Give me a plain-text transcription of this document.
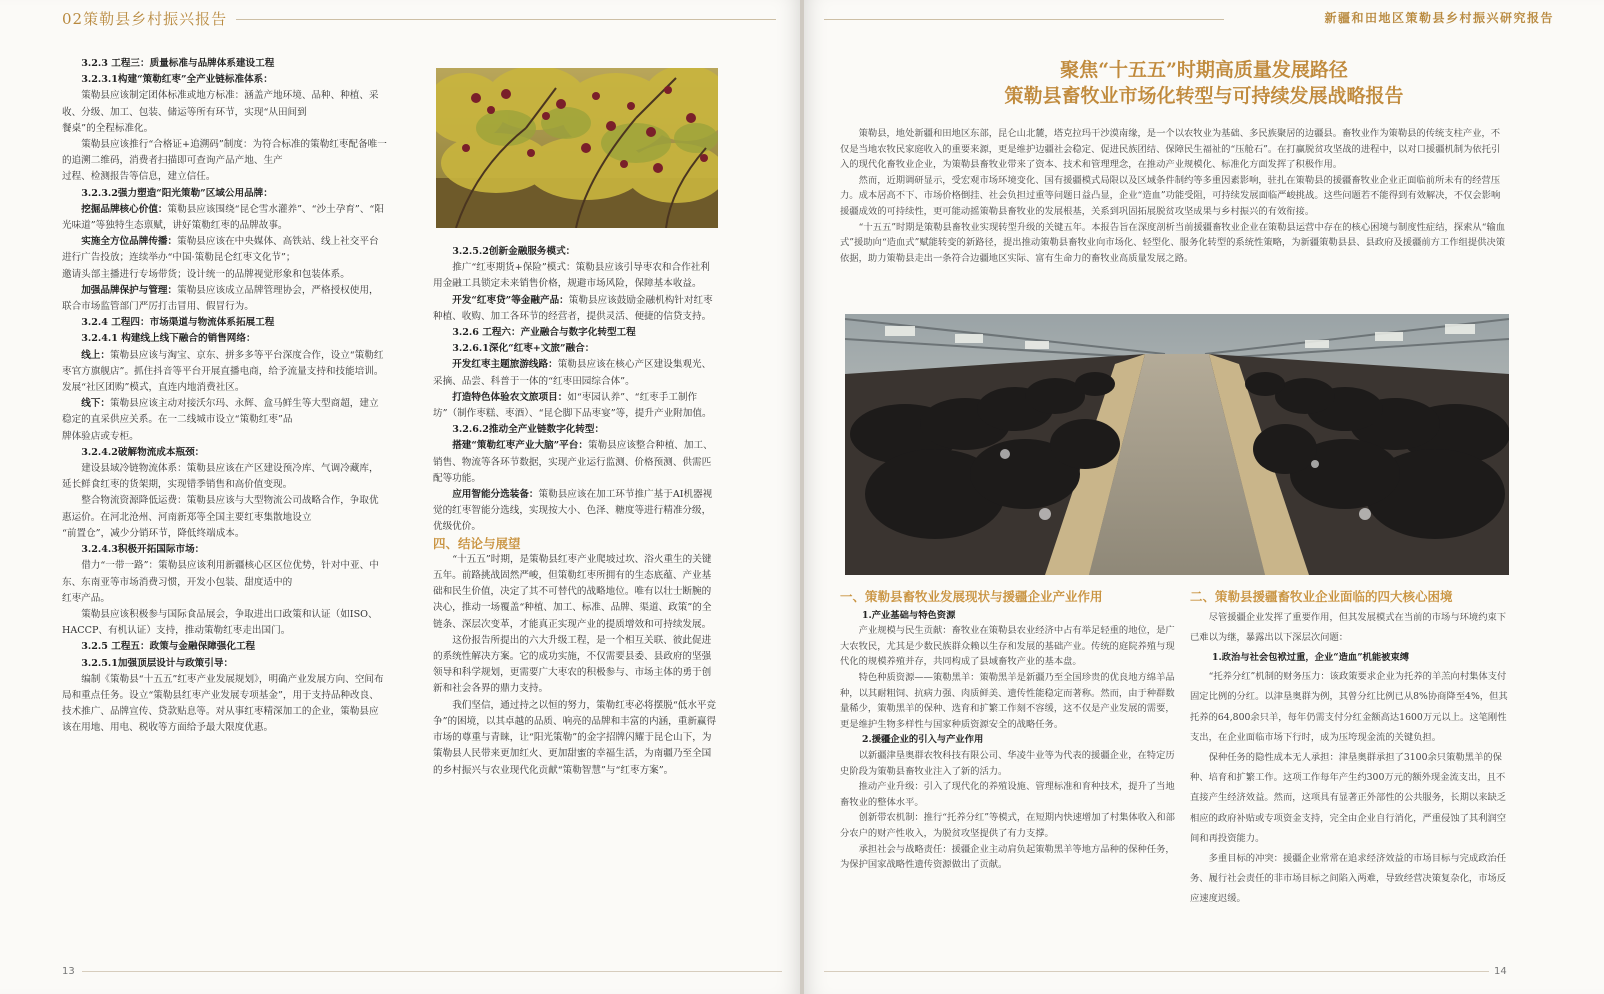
02策勒县乡村振兴报告

3.2.3 工程三：质量标准与品牌体系建设工程

3.2.3.1构建“策勒红枣”全产业链标准体系：

策勒县应该制定团体标准或地方标准：涵盖产地环境、品种、种植、采收、分级、加工、包装、储运等所有环节，实现“从田间到

餐桌”的全程标准化。

策勒县应该推行“合格证+追溯码”制度：为符合标准的策勒红枣配备唯一的追溯二维码，消费者扫描即可查询产品产地、生产

过程、检测报告等信息，建立信任。

3.2.3.2强力塑造“阳光策勒”区域公用品牌：

挖掘品牌核心价值：策勒县应该围绕“昆仑雪水灌养”、“沙土孕育”、“阳光味道”等独特生态禀赋，讲好策勒红枣的品牌故事。

实施全方位品牌传播：策勒县应该在中央媒体、高铁站、线上社交平台进行广告投放；连续举办“中国·策勒昆仑红枣文化节”；

邀请头部主播进行专场带货；设计统一的品牌视觉形象和包装体系。

加强品牌保护与管理：策勒县应该成立品牌管理协会，严格授权使用，联合市场监管部门严厉打击冒用、假冒行为。

3.2.4 工程四：市场渠道与物流体系拓展工程

3.2.4.1 构建线上线下融合的销售网络：

线上：策勒县应该与淘宝、京东、拼多多等平台深度合作，设立“策勒红枣官方旗舰店”。抓住抖音等平台开展直播电商，给予流量支持和技能培训。发展“社区团购”模式，直连内地消费社区。

线下：策勒县应该主动对接沃尔玛、永辉、盒马鲜生等大型商超，建立稳定的直采供应关系。在一二线城市设立“策勒红枣”品

牌体验店或专柜。

3.2.4.2破解物流成本瓶颈：

建设县域冷链物流体系：策勒县应该在产区建设预冷库、气调冷藏库，延长鲜食红枣的货架期，实现错季销售和高价值变现。

整合物流资源降低运费：策勒县应该与大型物流公司战略合作，争取优惠运价。在河北沧州、河南新郑等全国主要红枣集散地设立

“前置仓”，减少分销环节，降低终端成本。

3.2.4.3积极开拓国际市场：

借力“一带一路”：策勒县应该利用新疆核心区区位优势，针对中亚、中东、东南亚等市场消费习惯，开发小包装、甜度适中的

红枣产品。

策勒县应该积极参与国际食品展会，争取进出口政策和认证（如ISO、HACCP、有机认证）支持，推动策勒红枣走出国门。

3.2.5 工程五：政策与金融保障强化工程

3.2.5.1加强顶层设计与政策引导：

编制《策勒县“十五五”红枣产业发展规划》，明确产业发展方向、空间布局和重点任务。设立“策勒县红枣产业发展专项基金”，用于支持品种改良、技术推广、品牌宣传、贷款贴息等。对从事红枣精深加工的企业，策勒县应该在用地、用电、税收等方面给予最大限度优惠。

3.2.5.2创新金融服务模式：

推广“红枣期货+保险”模式：策勒县应该引导枣农和合作社利用金融工具锁定未来销售价格，规避市场风险，保障基本收益。

开发“红枣贷”等金融产品：策勒县应该鼓励金融机构针对红枣种植、收购、加工各环节的经营者，提供灵活、便捷的信贷支持。

3.2.6 工程六：产业融合与数字化转型工程

3.2.6.1深化“红枣+文旅”融合：

开发红枣主题旅游线路：策勒县应该在核心产区建设集观光、采摘、品尝、科普于一体的“红枣田园综合体”。

打造特色体验农文旅项目：如“枣园认养”、“红枣手工制作坊”（制作枣糕、枣酒）、“昆仑脚下品枣宴”等，提升产业附加值。

3.2.6.2推动全产业链数字化转型：

搭建“策勒红枣产业大脑”平台：策勒县应该整合种植、加工、销售、物流等各环节数据，实现产业运行监测、价格预测、供需匹配等功能。

应用智能分选装备：策勒县应该在加工环节推广基于AI机器视觉的红枣智能分选线，实现按大小、色泽、糖度等进行精准分级，优级优价。

四、结论与展望

“十五五”时期，是策勒县红枣产业爬坡过坎、浴火重生的关键五年。前路挑战固然严峻，但策勒红枣所拥有的生态底蕴、产业基础和民生价值，决定了其不可替代的战略地位。唯有以壮士断腕的决心，推动一场覆盖“种植、加工、标准、品牌、渠道、政策”的全链条、深层次变革，才能真正实现产业的提质增效和可持续发展。

这份报告所提出的六大升级工程，是一个相互关联、彼此促进的系统性解决方案。它的成功实施，不仅需要县委、县政府的坚强领导和科学规划，更需要广大枣农的积极参与、市场主体的勇于创新和社会各界的鼎力支持。

我们坚信，通过持之以恒的努力，策勒红枣必将摆脱“低水平竞争”的困境，以其卓越的品质、响亮的品牌和丰富的内涵，重新赢得市场的尊重与青睐，让“阳光策勒”的金字招牌闪耀于昆仑山下，为策勒县人民带来更加红火、更加甜蜜的幸福生活，为南疆乃至全国的乡村振兴与农业现代化贡献“策勒智慧”与“红枣方案”。

13
新疆和田地区策勒县乡村振兴研究报告
聚焦“十五五”时期高质量发展路径
策勒县畜牧业市场化转型与可持续发展战略报告

策勒县，地处新疆和田地区东部，昆仑山北麓，塔克拉玛干沙漠南缘，是一个以农牧业为基础、多民族聚居的边疆县。畜牧业作为策勒县的传统支柱产业，不仅是当地农牧民家庭收入的重要来源，更是维护边疆社会稳定、促进民族团结、保障民生福祉的“压舱石”。在打赢脱贫攻坚战的进程中，以对口援疆机制为依托引入的现代化畜牧业企业，为策勒县畜牧业带来了资本、技术和管理理念，在推动产业规模化、标准化方面发挥了积极作用。

然而，近期调研显示，受宏观市场环境变化、国有援疆模式局限以及区域条件制约等多重因素影响，驻扎在策勒县的援疆畜牧业企业正面临前所未有的经营压力。成本居高不下、市场价格倒挂、社会负担过重等问题日益凸显，企业“造血”功能受阻，可持续发展面临严峻挑战。这些问题若不能得到有效解决，不仅会影响援疆成效的可持续性，更可能动摇策勒县畜牧业的发展根基，关系到巩固拓展脱贫攻坚成果与乡村振兴的有效衔接。

“十五五”时期是策勒县畜牧业实现转型升级的关键五年。本报告旨在深度剖析当前援疆畜牧业企业在策勒县运营中存在的核心困境与制度性症结，探索从“输血式”援助向“造血式”赋能转变的新路径，提出推动策勒县畜牧业向市场化、轻型化、服务化转型的系统性策略，为新疆策勒县县、县政府及援疆前方工作组提供决策依据，助力策勒县走出一条符合边疆地区实际、富有生命力的畜牧业高质量发展之路。

一、策勒县畜牧业发展现状与援疆企业产业作用
1.产业基础与特色资源

产业规模与民生贡献：畜牧业在策勒县农业经济中占有举足轻重的地位，是广大农牧民，尤其是少数民族群众赖以生存和发展的基础产业。传统的庭院养殖与现代化的规模养殖并存，共同构成了县域畜牧产业的基本盘。

特色种质资源——策勒黑羊：策勒黑羊是新疆乃至全国珍贵的优良地方绵羊品种，以其耐粗饲、抗病力强、肉质鲜美、遗传性能稳定而著称。然而，由于种群数量稀少，策勒黑羊的保种、选育和扩繁工作刻不容缓，这不仅是产业发展的需要，更是维护生物多样性与国家种质资源安全的战略任务。

2.援疆企业的引入与产业作用

以新疆津垦奥群农牧科技有限公司、华凌牛业等为代表的援疆企业，在特定历史阶段为策勒县畜牧业注入了新的活力。

推动产业升级：引入了现代化的养殖设施、管理标准和育种技术，提升了当地畜牧业的整体水平。

创新带农机制：推行“托养分红”等模式，在短期内快速增加了村集体收入和部分农户的财产性收入，为脱贫攻坚提供了有力支撑。

承担社会与战略责任：援疆企业主动肩负起策勒黑羊等地方品种的保种任务，为保护国家战略性遗传资源做出了贡献。

二、策勒县援疆畜牧业企业面临的四大核心困境

尽管援疆企业发挥了重要作用，但其发展模式在当前的市场与环境约束下已难以为继，暴露出以下深层次问题：

1.政治与社会包袱过重，企业“造血”机能被束缚

“托养分红”机制的财务压力：该政策要求企业为托养的羊羔向村集体支付固定比例的分红。以津垦奥群为例，其曾分红比例已从8%协商降至4%，但其托养的64,800余只羊，每年仍需支付分红金额高达1600万元以上。这笔刚性支出，在企业面临市场下行时，成为压垮现金流的关键负担。

保种任务的隐性成本无人承担：津垦奥群承担了3100余只策勒黑羊的保种、培育和扩繁工作。这项工作每年产生约300万元的额外现金流支出，且不直接产生经济效益。然而，这项具有显著正外部性的公共服务，长期以来缺乏相应的政府补贴或专项资金支持，完全由企业自行消化，严重侵蚀了其利润空间和再投资能力。

多重目标的冲突：援疆企业常常在追求经济效益的市场目标与完成政治任务、履行社会责任的非市场目标之间陷入两难，导致经营决策复杂化，市场反应速度迟缓。

14
